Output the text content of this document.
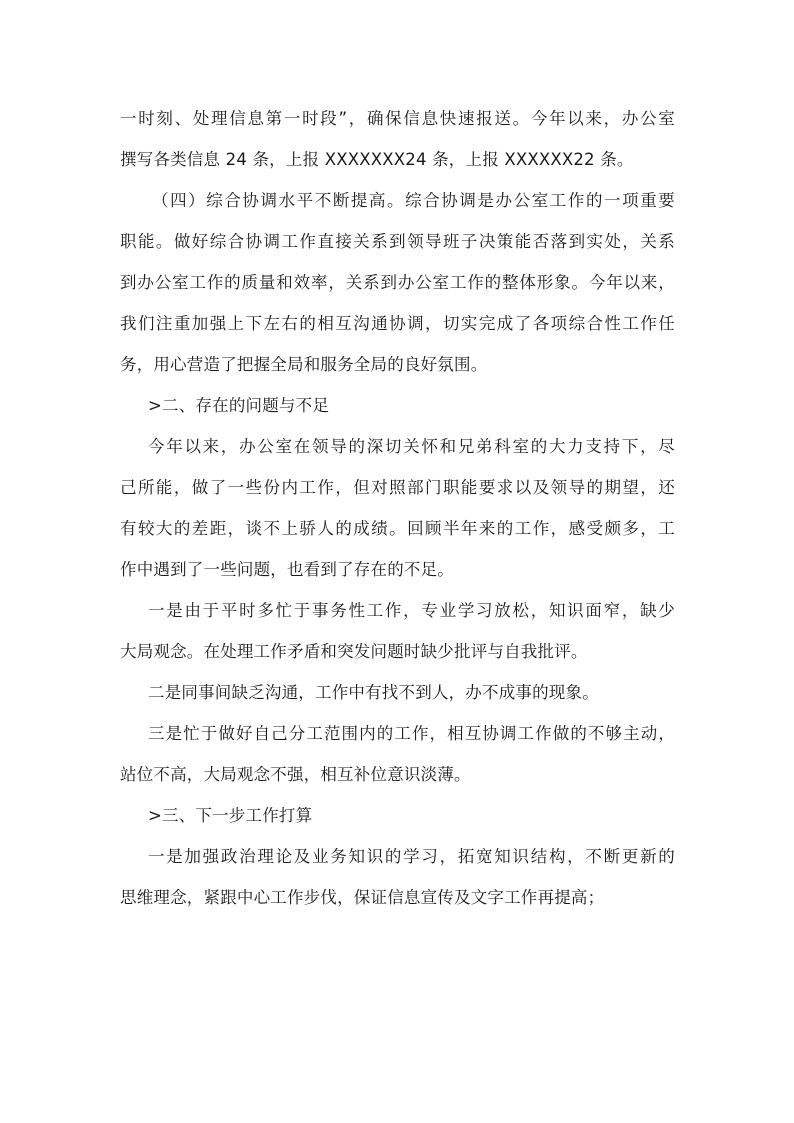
一时刻、处理信息第一时段”，确保信息快速报送。今年以来，办公室
撰写各类信息 24 条，上报 XXXXXXX24 条，上报 XXXXXX22 条。
（四）综合协调水平不断提高。综合协调是办公室工作的一项重要
职能。做好综合协调工作直接关系到领导班子决策能否落到实处，关系
到办公室工作的质量和效率，关系到办公室工作的整体形象。今年以来，
我们注重加强上下左右的相互沟通协调，切实完成了各项综合性工作任
务，用心营造了把握全局和服务全局的良好氛围。
>二、存在的问题与不足
今年以来，办公室在领导的深切关怀和兄弟科室的大力支持下，尽
己所能，做了一些份内工作，但对照部门职能要求以及领导的期望，还
有较大的差距，谈不上骄人的成绩。回顾半年来的工作，感受颇多，工
作中遇到了一些问题，也看到了存在的不足。
一是由于平时多忙于事务性工作，专业学习放松，知识面窄，缺少
大局观念。在处理工作矛盾和突发问题时缺少批评与自我批评。
二是同事间缺乏沟通，工作中有找不到人，办不成事的现象。
三是忙于做好自己分工范围内的工作，相互协调工作做的不够主动，
站位不高，大局观念不强，相互补位意识淡薄。
>三、下一步工作打算
一是加强政治理论及业务知识的学习，拓宽知识结构，不断更新的
思维理念，紧跟中心工作步伐，保证信息宣传及文字工作再提高；
